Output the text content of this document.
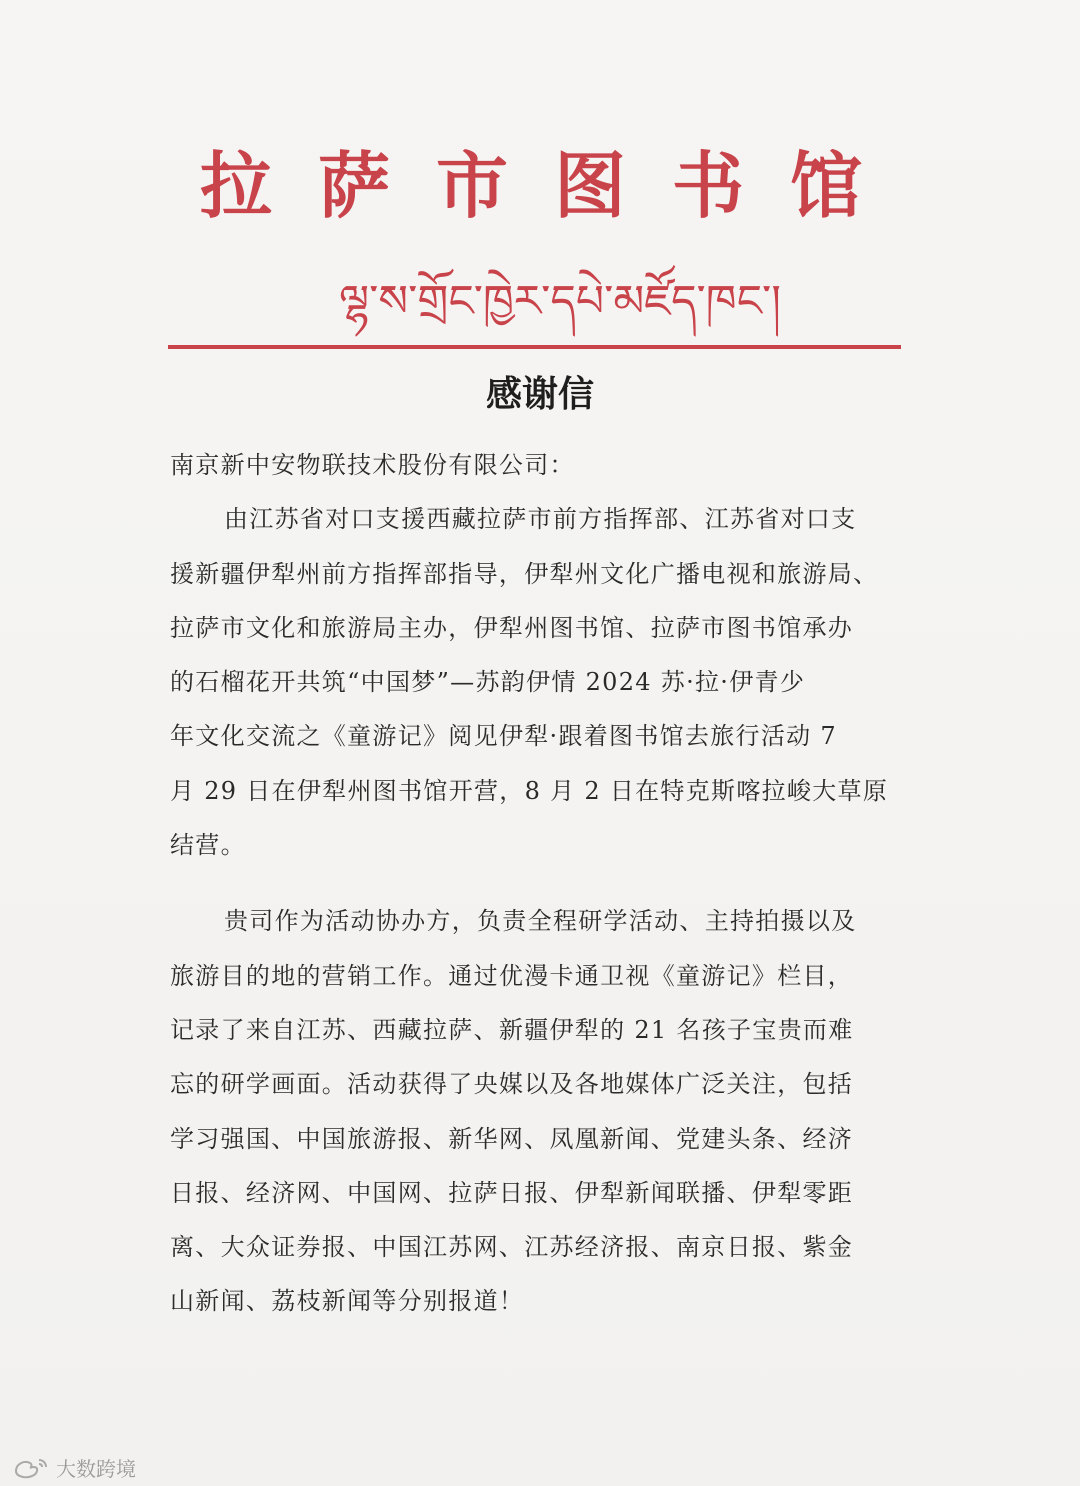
拉萨市图书馆
ལྷ་ས་གྲོང་ཁྱེར་དཔེ་མཛོད་ཁང་།
感谢信
南京新中安物联技术股份有限公司：
由江苏省对口支援西藏拉萨市前方指挥部、江苏省对口支
援新疆伊犁州前方指挥部指导，伊犁州文化广播电视和旅游局、
拉萨市文化和旅游局主办，伊犁州图书馆、拉萨市图书馆承办
的石榴花开共筑“中国梦”—苏韵伊情 2024 苏·拉·伊青少
年文化交流之《童游记》阅见伊犁·跟着图书馆去旅行活动 7
月 29 日在伊犁州图书馆开营，8 月 2 日在特克斯喀拉峻大草原
结营。
贵司作为活动协办方，负责全程研学活动、主持拍摄以及
旅游目的地的营销工作。通过优漫卡通卫视《童游记》栏目，
记录了来自江苏、西藏拉萨、新疆伊犁的 21 名孩子宝贵而难
忘的研学画面。活动获得了央媒以及各地媒体广泛关注，包括
学习强国、中国旅游报、新华网、凤凰新闻、党建头条、经济
日报、经济网、中国网、拉萨日报、伊犁新闻联播、伊犁零距
离、大众证券报、中国江苏网、江苏经济报、南京日报、紫金
山新闻、荔枝新闻等分别报道！
大数跨境
